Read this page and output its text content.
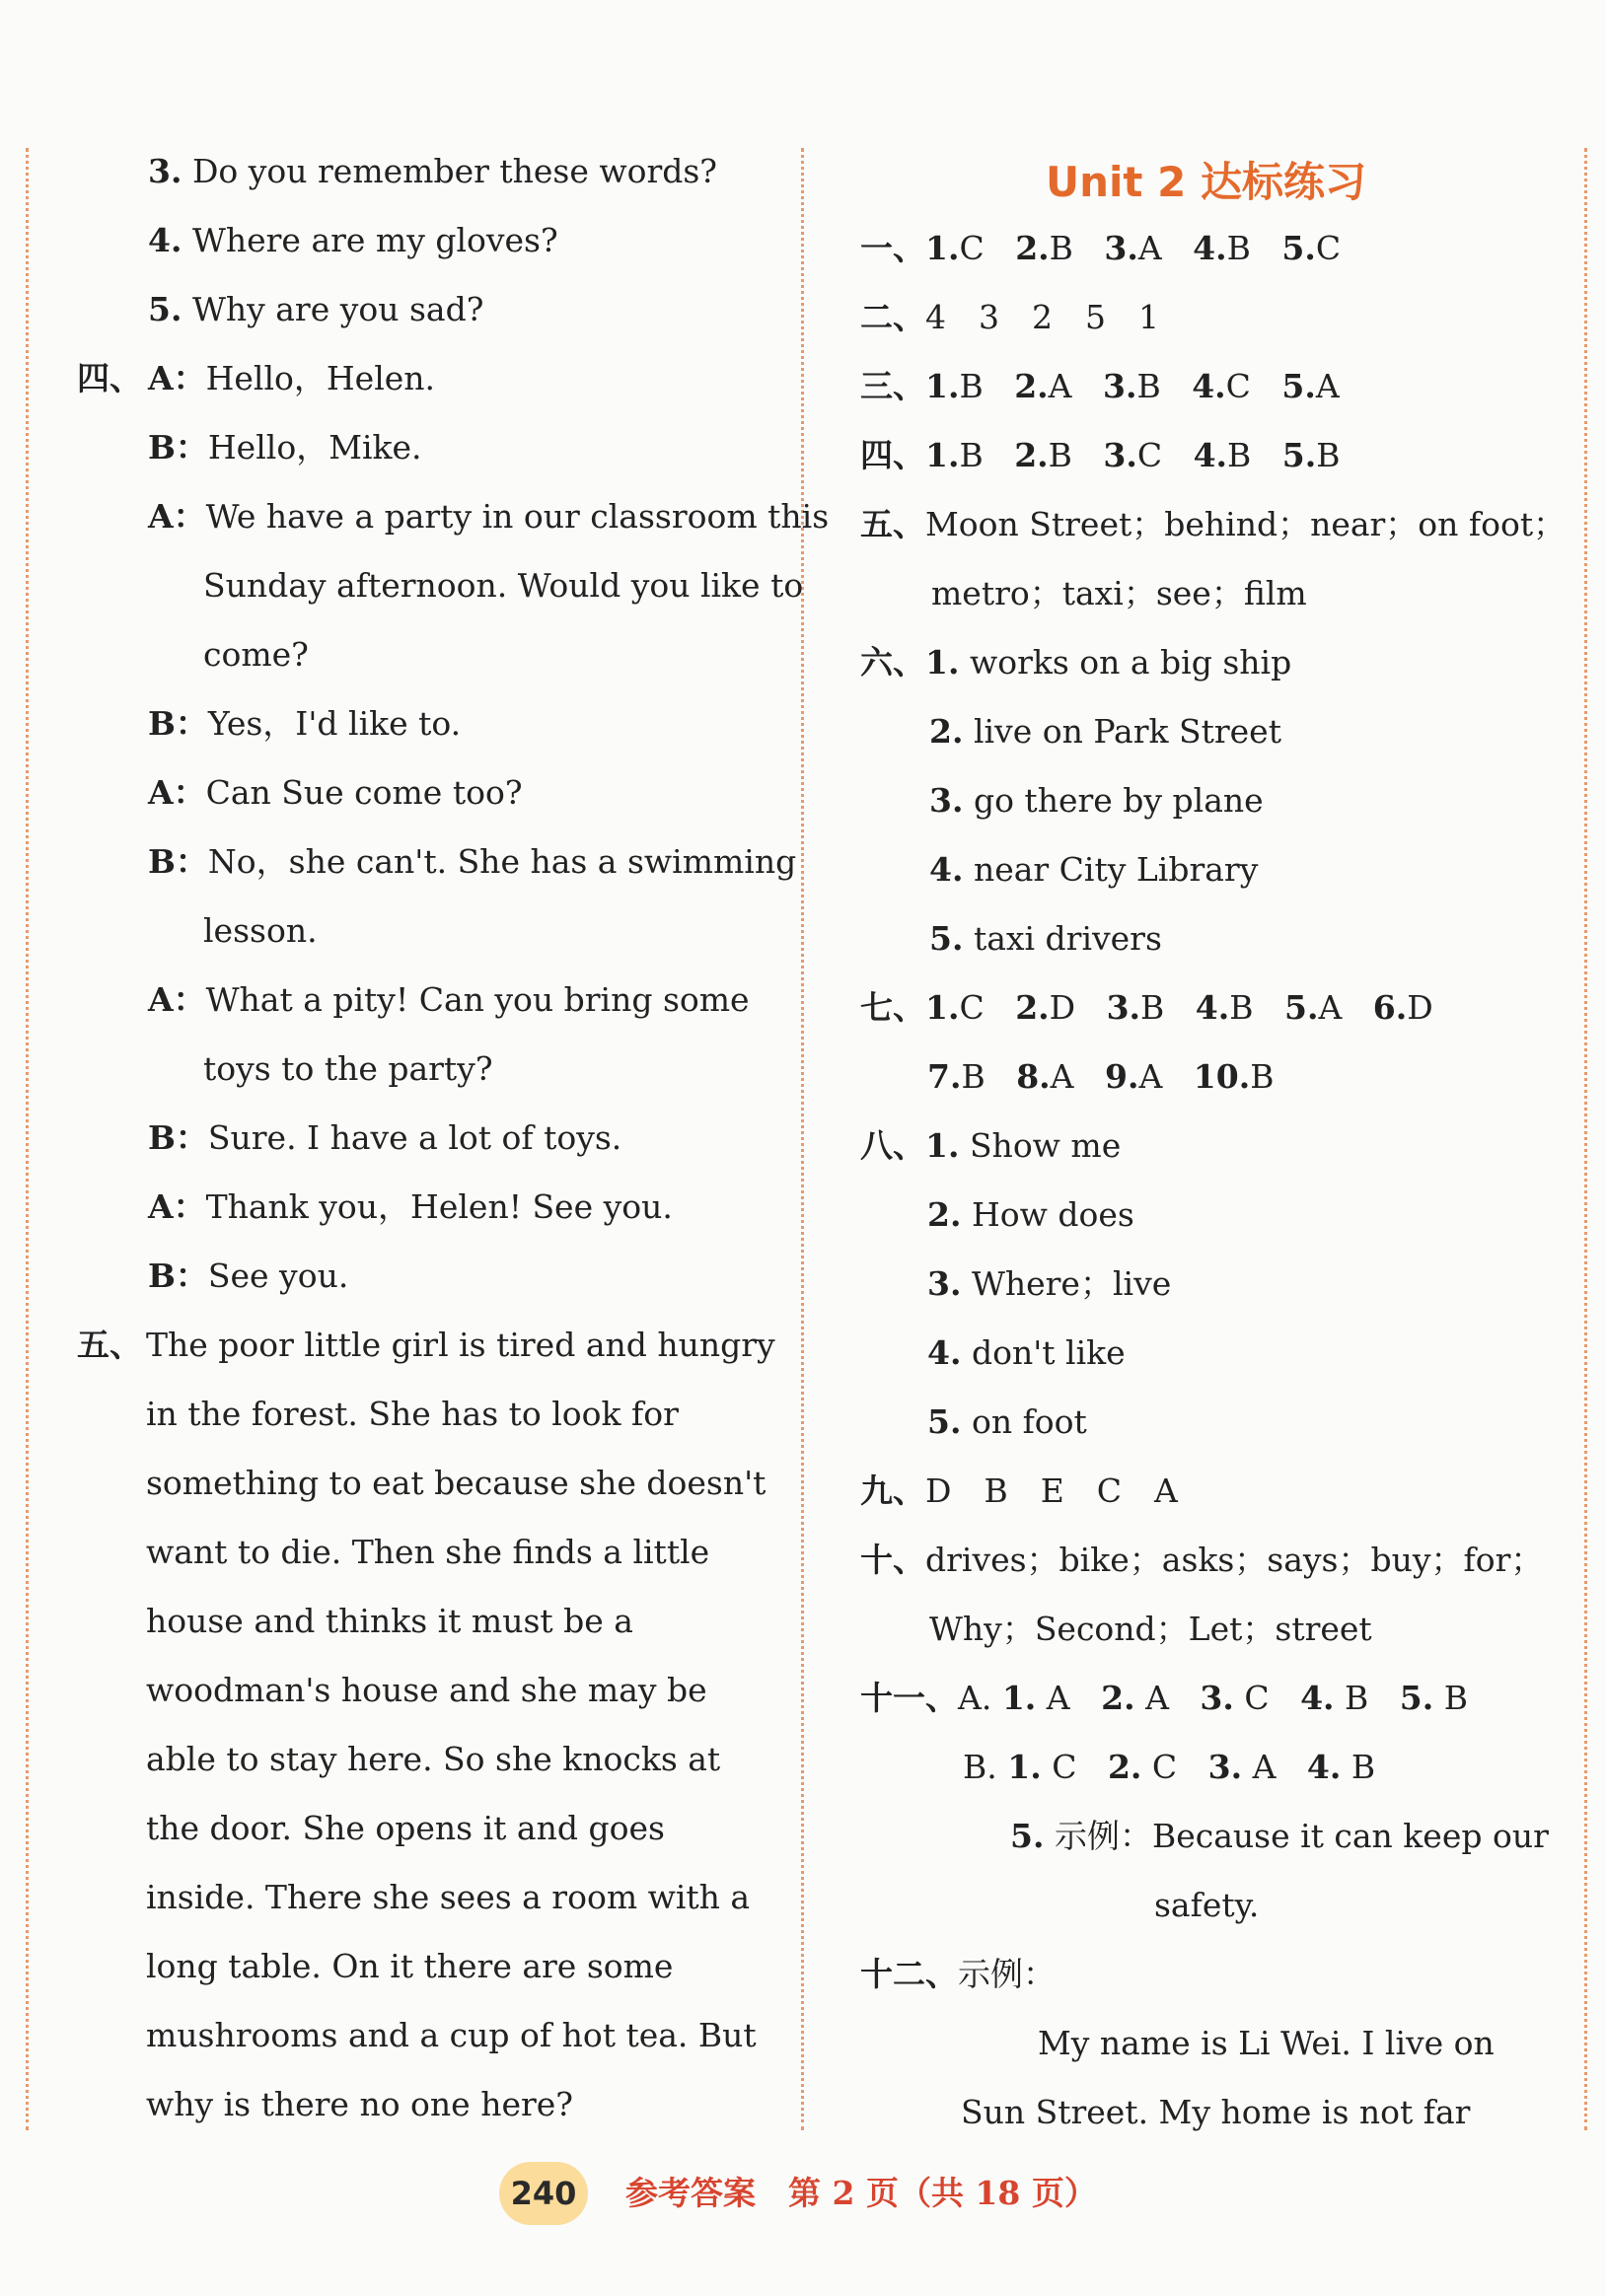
3. Do you remember these words?
4. Where are my gloves?
5. Why are you sad?
四、 A：Hello，Helen.
B：Hello，Mike.
A：We have a party in our classroom this
Sunday afternoon. Would you like to
come?
B：Yes，I'd like to.
A：Can Sue come too?
B：No，she can't. She has a swimming
lesson.
A：What a pity! Can you bring some
toys to the party?
B：Sure. I have a lot of toys.
A：Thank you，Helen! See you.
B：See you.
五、 The poor little girl is tired and hungry
in the forest. She has to look for
something to eat because she doesn't
want to die. Then she finds a little
house and thinks it must be a
woodman's house and she may be
able to stay here. So she knocks at
the door. She opens it and goes
inside. There she sees a room with a
long table. On it there are some
mushrooms and a cup of hot tea. But
why is there no one here?
Unit 2 达标练习
一、1.C 2.B 3.A 4.B 5.C
二、4　3　2　5　1
三、1.B 2.A 3.B 4.C 5.A
四、1.B 2.B 3.C 4.B 5.B
五、Moon Street；behind；near；on foot；
metro；taxi；see；film
六、1. works on a big ship
2. live on Park Street
3. go there by plane
4. near City Library
5. taxi drivers
七、1.C 2.D 3.B 4.B 5.A 6.D
7.B 8.A 9.A 10.B
八、1. Show me
2. How does
3. Where；live
4. don't like
5. on foot
九、D　B　E　C　A
十、drives；bike；asks；says；buy；for；
Why；Second；Let；street
十一、A. 1. A 2. A 3. C 4. B 5. B
B. 1. C 2. C 3. A 4. B
5. 示例：Because it can keep our
safety.
十二、示例：
My name is Li Wei. I live on
Sun Street. My home is not far
240	参考答案　第 2 页（共 18 页）
